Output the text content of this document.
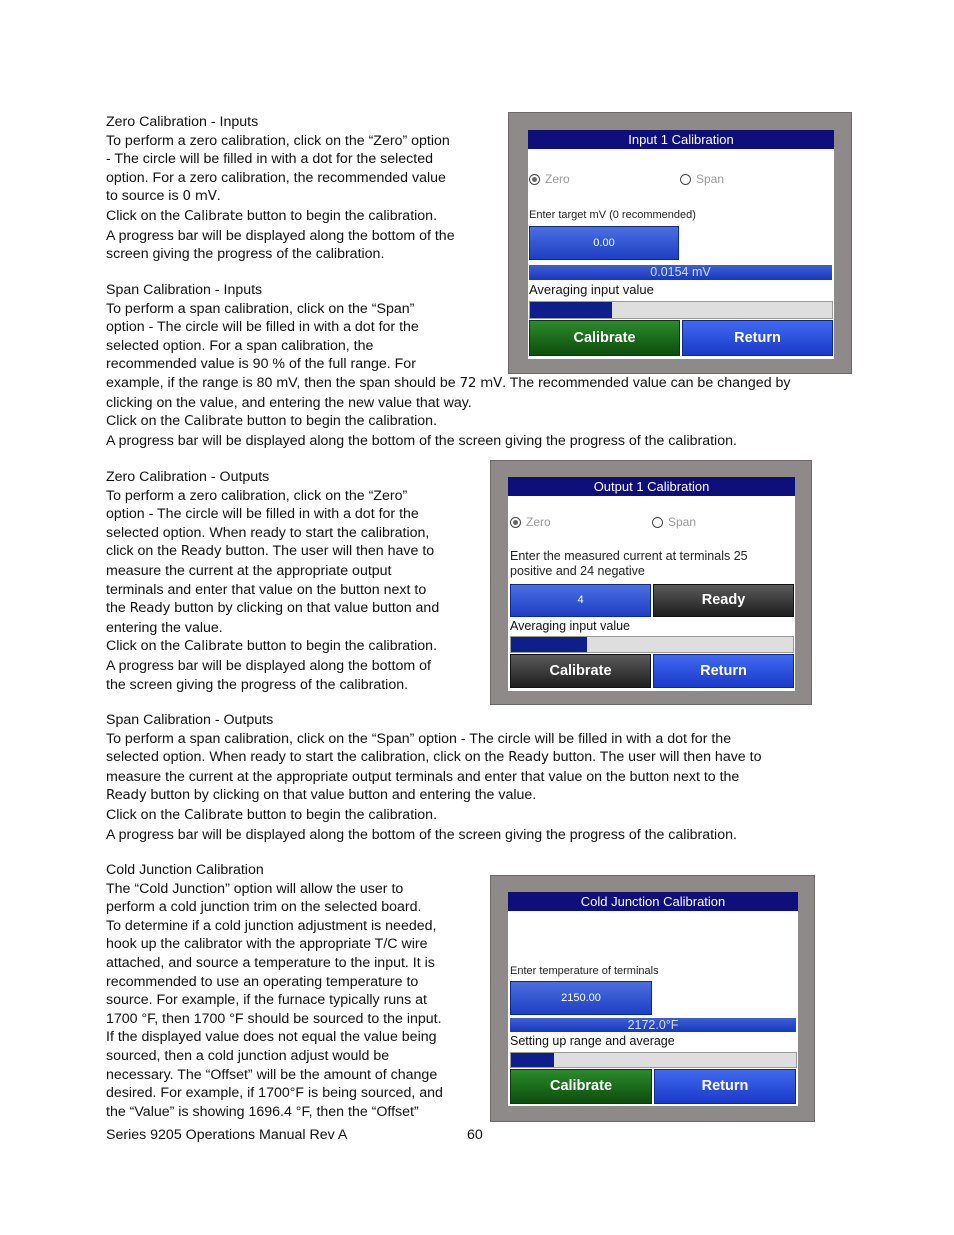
Zero Calibration - Inputs
To perform a zero calibration, click on the “Zero” option
- The circle will be filled in with a dot for the selected
option. For a zero calibration, the recommended value
to source is 0 mV.
Click on the Calibrate button to begin the calibration.
A progress bar will be displayed along the bottom of the
screen giving the progress of the calibration.
Span Calibration - Inputs
To perform a span calibration, click on the “Span”
option - The circle will be filled in with a dot for the
selected option. For a span calibration, the
recommended value is 90 % of the full range. For
example, if the range is 80 mV, then the span should be 72 mV. The recommended value can be changed by
clicking on the value, and entering the new value that way.
Click on the Calibrate button to begin the calibration.
A progress bar will be displayed along the bottom of the screen giving the progress of the calibration.
Zero Calibration - Outputs
To perform a zero calibration, click on the “Zero”
option - The circle will be filled in with a dot for the
selected option. When ready to start the calibration,
click on the Ready button. The user will then have to
measure the current at the appropriate output
terminals and enter that value on the button next to
the Ready button by clicking on that value button and
entering the value.
Click on the Calibrate button to begin the calibration.
A progress bar will be displayed along the bottom of
the screen giving the progress of the calibration.
Span Calibration - Outputs
To perform a span calibration, click on the “Span” option - The circle will be filled in with a dot for the
selected option. When ready to start the calibration, click on the Ready button. The user will then have to
measure the current at the appropriate output terminals and enter that value on the button next to the
Ready button by clicking on that value button and entering the value.
Click on the Calibrate button to begin the calibration.
A progress bar will be displayed along the bottom of the screen giving the progress of the calibration.
Cold Junction Calibration
The “Cold Junction” option will allow the user to
perform a cold junction trim on the selected board.
To determine if a cold junction adjustment is needed,
hook up the calibrator with the appropriate T/C wire
attached, and source a temperature to the input. It is
recommended to use an operating temperature to
source. For example, if the furnace typically runs at
1700 °F, then 1700 °F should be sourced to the input.
If the displayed value does not equal the value being
sourced, then a cold junction adjust would be
necessary. The “Offset” will be the amount of change
desired. For example, if 1700°F is being sourced, and
the “Value” is showing 1696.4 °F, then the “Offset”
Input 1 Calibration
Zero	Span
Enter target mV (0 recommended)
0.00
0.0154 mV
Averaging input value
Calibrate	Return
Output 1 Calibration
Zero	Span
Enter the measured current at terminals 25
positive and 24 negative
4	Ready
Averaging input value
Calibrate	Return
Cold Junction Calibration
Enter temperature of terminals
2150.00
2172.0°F
Setting up range and average
Calibrate	Return
Series 9205 Operations Manual Rev A	60
